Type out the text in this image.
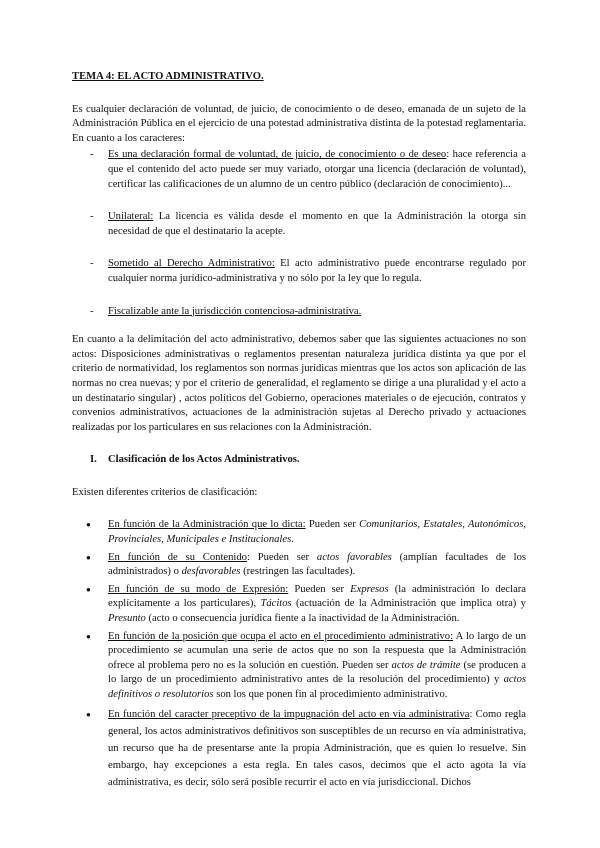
TEMA 4: EL ACTO ADMINISTRATIVO.

Es cualquier declaración de voluntad, de juicio, de conocimiento o de deseo, emanada de un sujeto de la Administración Pública en el ejercicio de una potestad administrativa distinta de la potestad reglamentaria. En cuanto a los caracteres:

- Es una declaración formal de voluntad, de juicio, de conocimiento o de deseo: hace referencia a que el contenido del acto puede ser muy variado, otorgar una licencia (declaración de voluntad), certificar las calificaciones de un alumno de un centro público (declaración de conocimiento)...
- Unilateral: La licencia es válida desde el momento en que la Administración la otorga sin necesidad de que el destinatario la acepte.
- Sometido al Derecho Administrativo: El acto administrativo puede encontrarse regulado por cualquier norma jurídico-administrativa y no sólo por la ley que lo regula.
- Fiscalizable ante la jurisdicción contenciosa-administrativa.

En cuanto a la delimitación del acto administrativo, debemos saber que las siguientes actuaciones no son actos: Disposiciones administrativas o reglamentos presentan naturaleza jurídica distinta ya que por el criterio de normatividad, los reglamentos son normas jurídicas mientras que los actos son aplicación de las normas no crea nuevas; y por el criterio de generalidad, el reglamento se dirige a una pluralidad y el acto a un destinatario singular) , actos políticos del Gobierno, operaciones materiales o de ejecución, contratos y convenios administrativos, actuaciones de la administración sujetas al Derecho privado y actuaciones realizadas por los particulares en sus relaciones con la Administración.

I. Clasificación de los Actos Administrativos.

Existen diferentes criterios de clasificación:

● En función de la Administración que lo dicta: Pueden ser Comunitarios, Estatales, Autonómicos, Provinciales, Municipales e Institucionales.
● En función de su Contenido: Pueden ser actos favorables (amplían facultades de los administrados) o desfavorables (restringen las facultades).
● En función de su modo de Expresión: Pueden ser Expresos (la administración lo declara explícitamente a los particulares), Tácitos (actuación de la Administración que implica otra) y Presunto (acto o consecuencia jurídica fiente a la inactividad de la Administración.
● En función de la posición que ocupa el acto en el procedimiento administrativo: A lo largo de un procedimiento se acumulan una serie de actos que no son la respuesta que la Administración ofrece al problema pero no es la solución en cuestión. Pueden ser actos de trámite (se producen a lo largo de un procedimiento administrativo antes de la resolución del procedimiento) y actos definitivos o resolutorios son los que ponen fin al procedimiento administrativo.
● En función del caracter preceptivo de la impugnación del acto en vía administrativa: Como regla general, los actos administrativos definitivos son susceptibles de un recurso en vía administrativa, un recurso que ha de presentarse ante la propia Administración, que es quien lo resuelve. Sin embargo, hay excepciones a esta regla. En tales casos, decimos que el acto agota la vía administrativa, es decir, sólo será posible recurrir el acto en vía jurisdiccional. Dichos
